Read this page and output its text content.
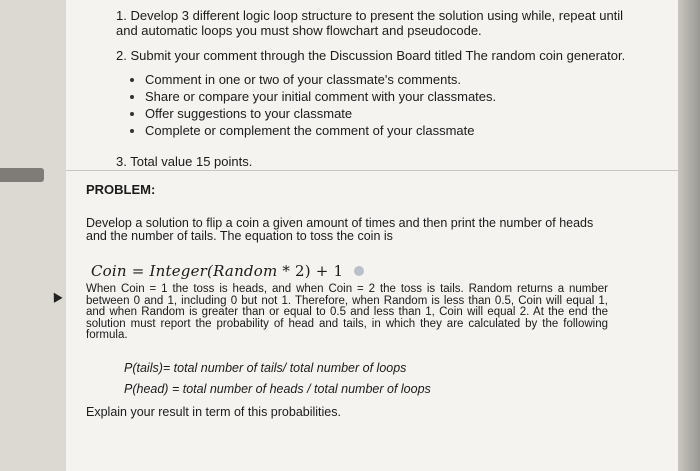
1. Develop 3 different logic loop structure to present the solution using while, repeat until and automatic loops you must show flowchart and pseudocode.
2. Submit your comment through the Discussion Board titled The random coin generator.
Comment in one or two of your classmate's comments.
Share or compare your initial comment with your classmates.
Offer suggestions to your classmate
Complete or complement the comment of your classmate
3. Total value 15 points.
PROBLEM:
Develop a solution to flip a coin a given amount of times and then print the number of heads and the number of tails. The equation to toss the coin is
Coin = Integer(Random * 2) + 1
When Coin = 1 the toss is heads, and when Coin = 2 the toss is tails. Random returns a number between 0 and 1, including 0 but not 1. Therefore, when Random is less than 0.5, Coin will equal 1, and when Random is greater than or equal to 0.5 and less than 1, Coin will equal 2. At the end the solution must report the probability of head and tails, in which they are calculated by the following formula.
P(tails)= total number of tails/ total number of loops
P(head) = total number of heads / total number of loops
Explain your result in term of this probabilities.
